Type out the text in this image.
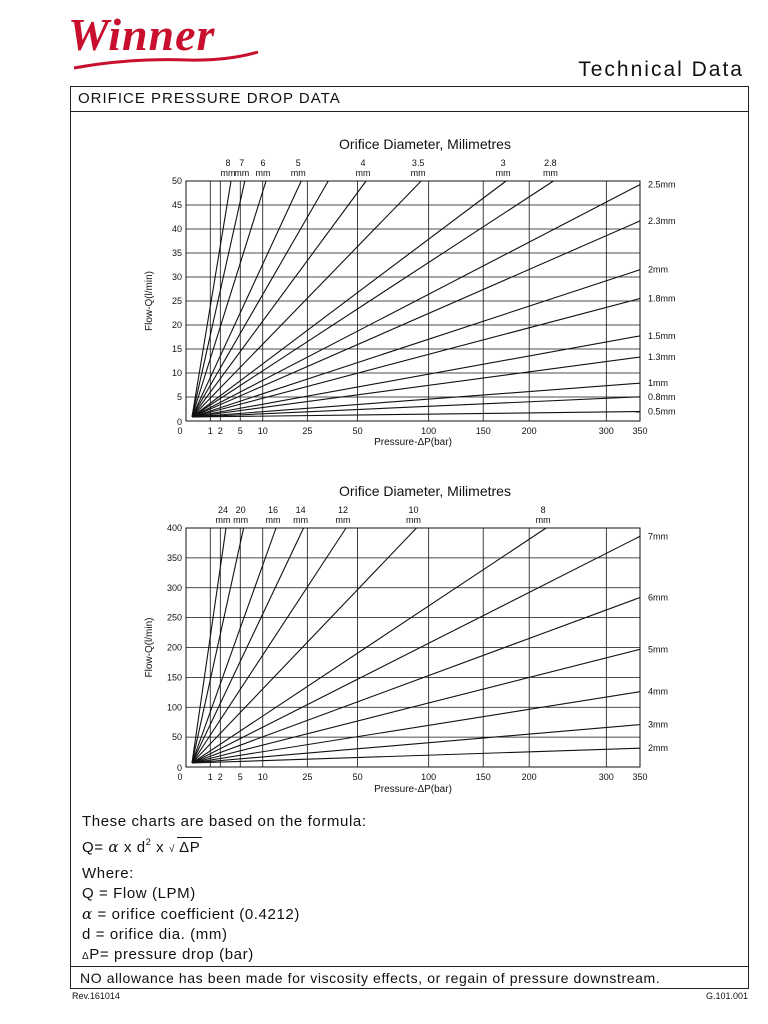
Winner
Technical Data
ORIFICE PRESSURE DROP DATA
0
5
10
15
20
25
30
35
40
45
50
0	1 2 5 10	25	50	100	150	200	300 350
Orifice Diameter, Milimetres
Flow-Q(l/min)
Pressure-ΔP(bar)
8
mm
7
mm
6
mm
5
mm
4
mm
3.5
mm
3
mm
2.8
mm
2.5mm
2.3mm
2mm
1.8mm
1.5mm
1.3mm
1mm
0.8mm
0.5mm
0
50
100
150
200
250
300
350
400
0	1 2 5 10	25	50	100	150	200	300 350
Orifice Diameter, Milimetres
Flow-Q(l/min)
Pressure-ΔP(bar)
24
mm
20
mm
16
mm
14
mm
12
mm
10
mm
8
mm
7mm
6mm
5mm
4mm
3mm
2mm
These charts are based on the formula:
Q= α x $d^2$ x √ ΔP
Where:
Q = Flow (LPM)
α = orifice coefficient (0.4212)
d = orifice dia. (mm)
ΔP= pressure drop (bar)
NO allowance has been made for viscosity effects, or regain of pressure downstream.
Rev.161014	G.101.001
